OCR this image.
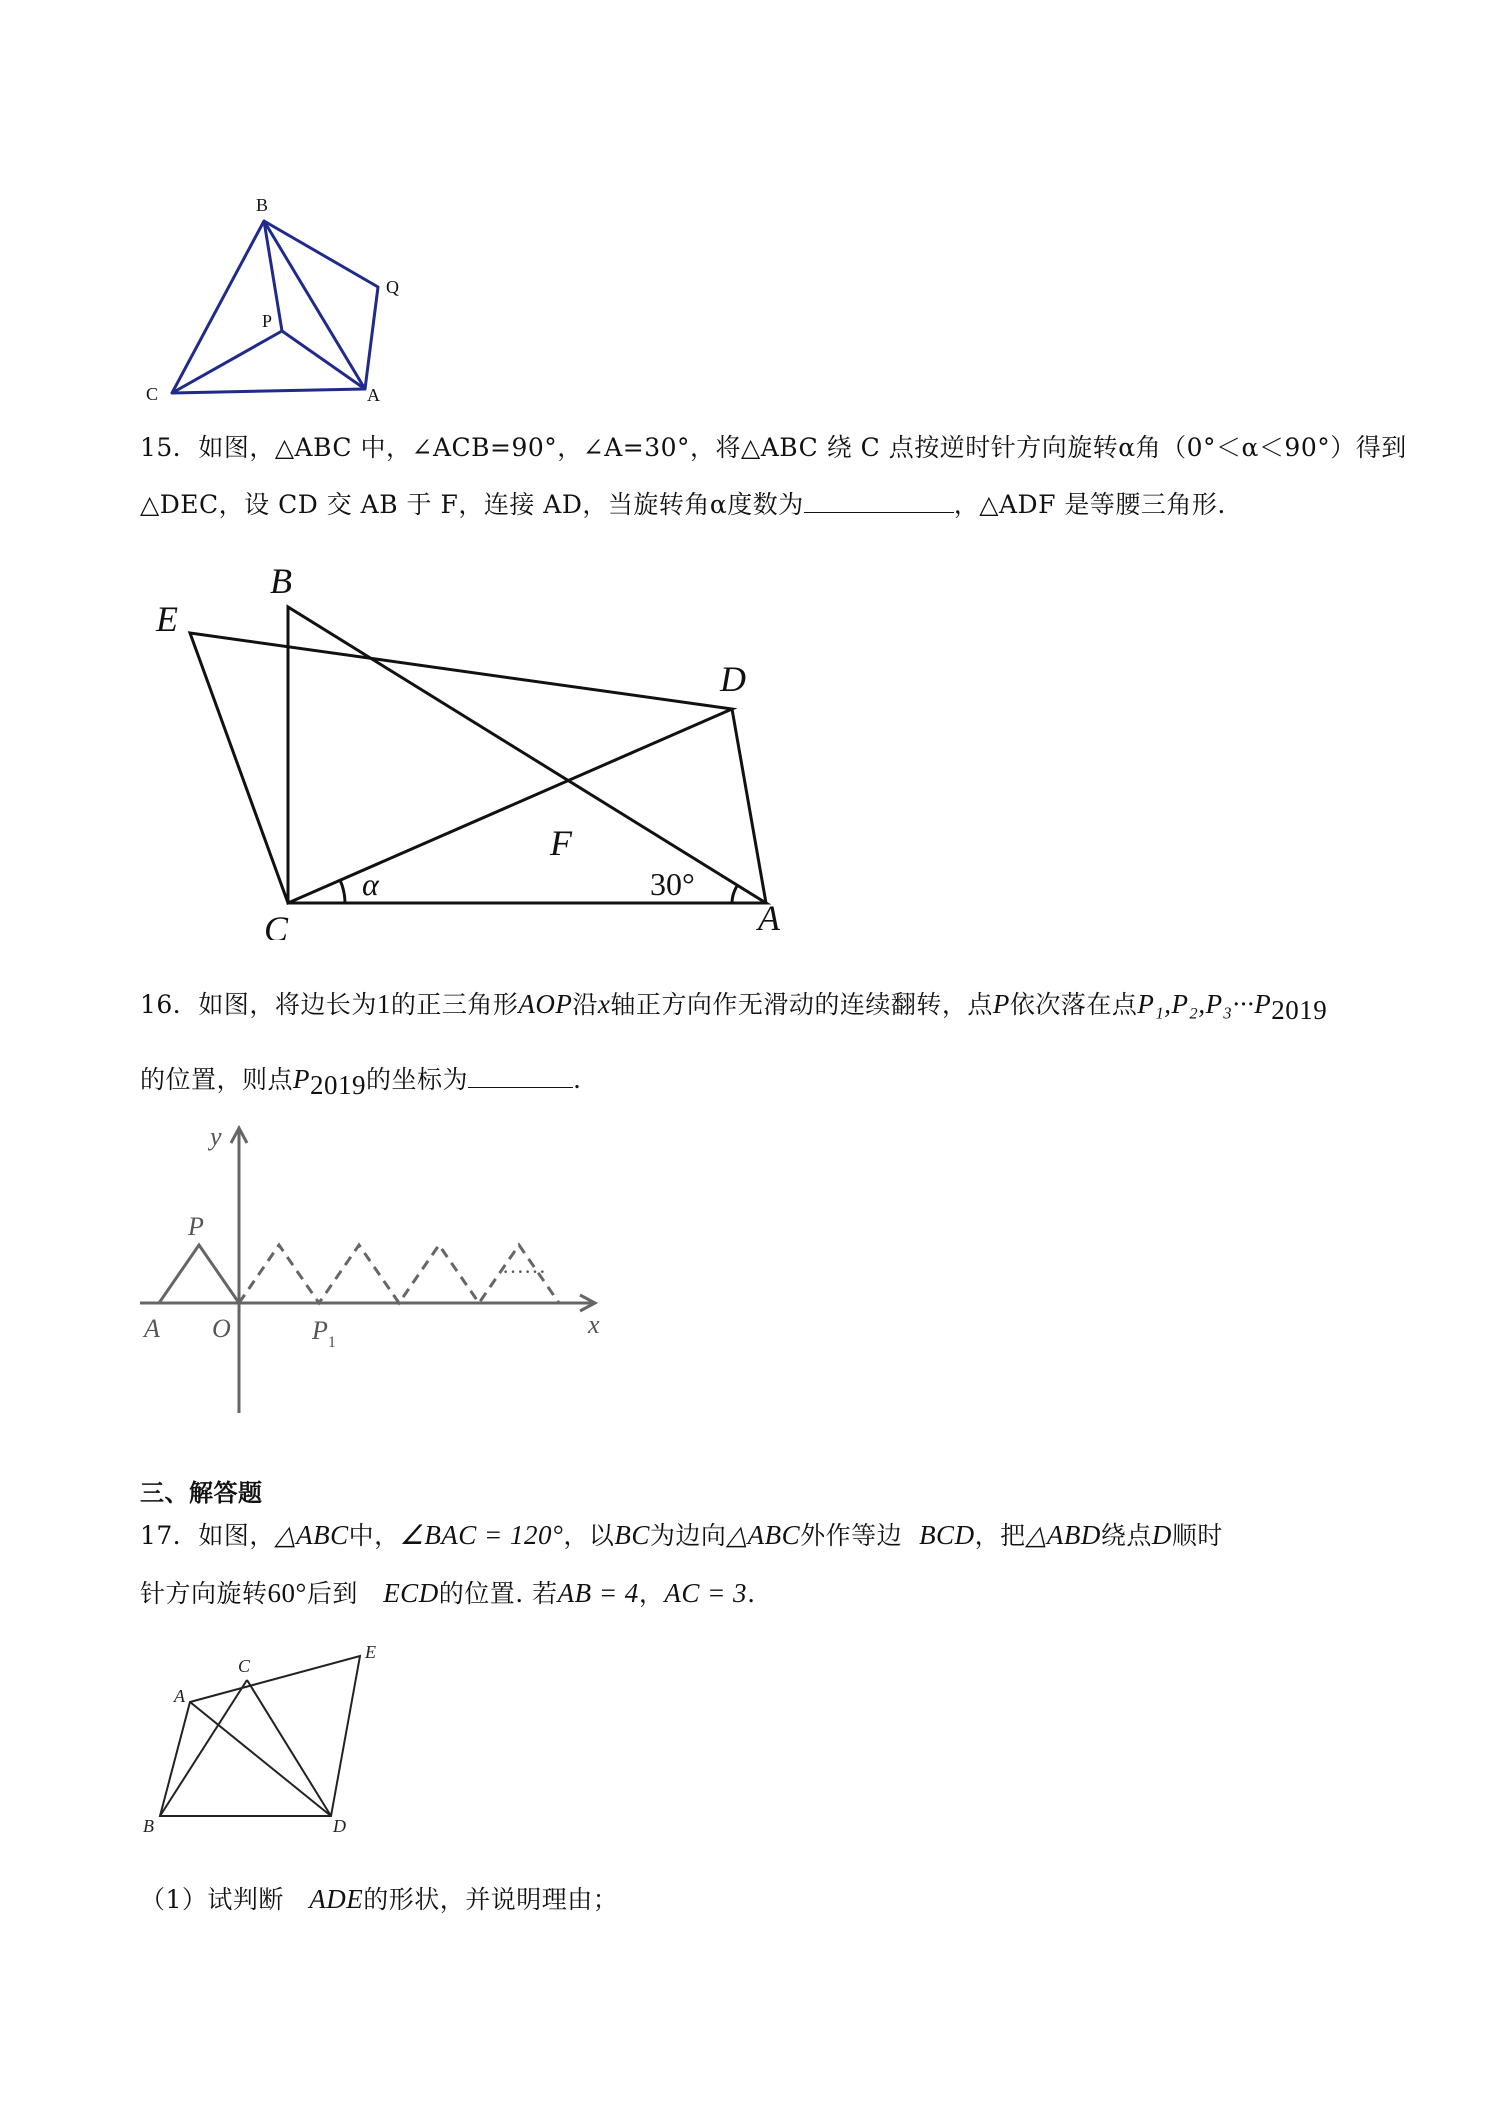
B
Q
P
C	A
15．如图，△ABC 中，∠ACB=90°，∠A=30°，将△ABC 绕 C 点按逆时针方向旋转α角（0°＜α＜90°）得到
△DEC，设 CD 交 AB 于 F，连接 AD，当旋转角α度数为	，△ADF 是等腰三角形.
B
E
D
F
C	A
α	30°
16．如图，将边长为1的正三角形AOP沿x轴正方向作无滑动的连续翻转，点P依次落在点$P_1,P_2,P_3\cdot\cdot\cdot P_{2019}$
的位置，则点$P_{2019}$的坐标为	.
y
P
A O	x
$P_1$
……
三、解答题
17．如图，△ABC中，∠BAC = 120°，以BC为边向△ABC外作等边 BCD，把△ABD绕点D顺时
针方向旋转60°后到 ECD的位置. 若AB = 4，AC = 3.
E
C
A
B	D
（1）试判断 ADE的形状，并说明理由；
